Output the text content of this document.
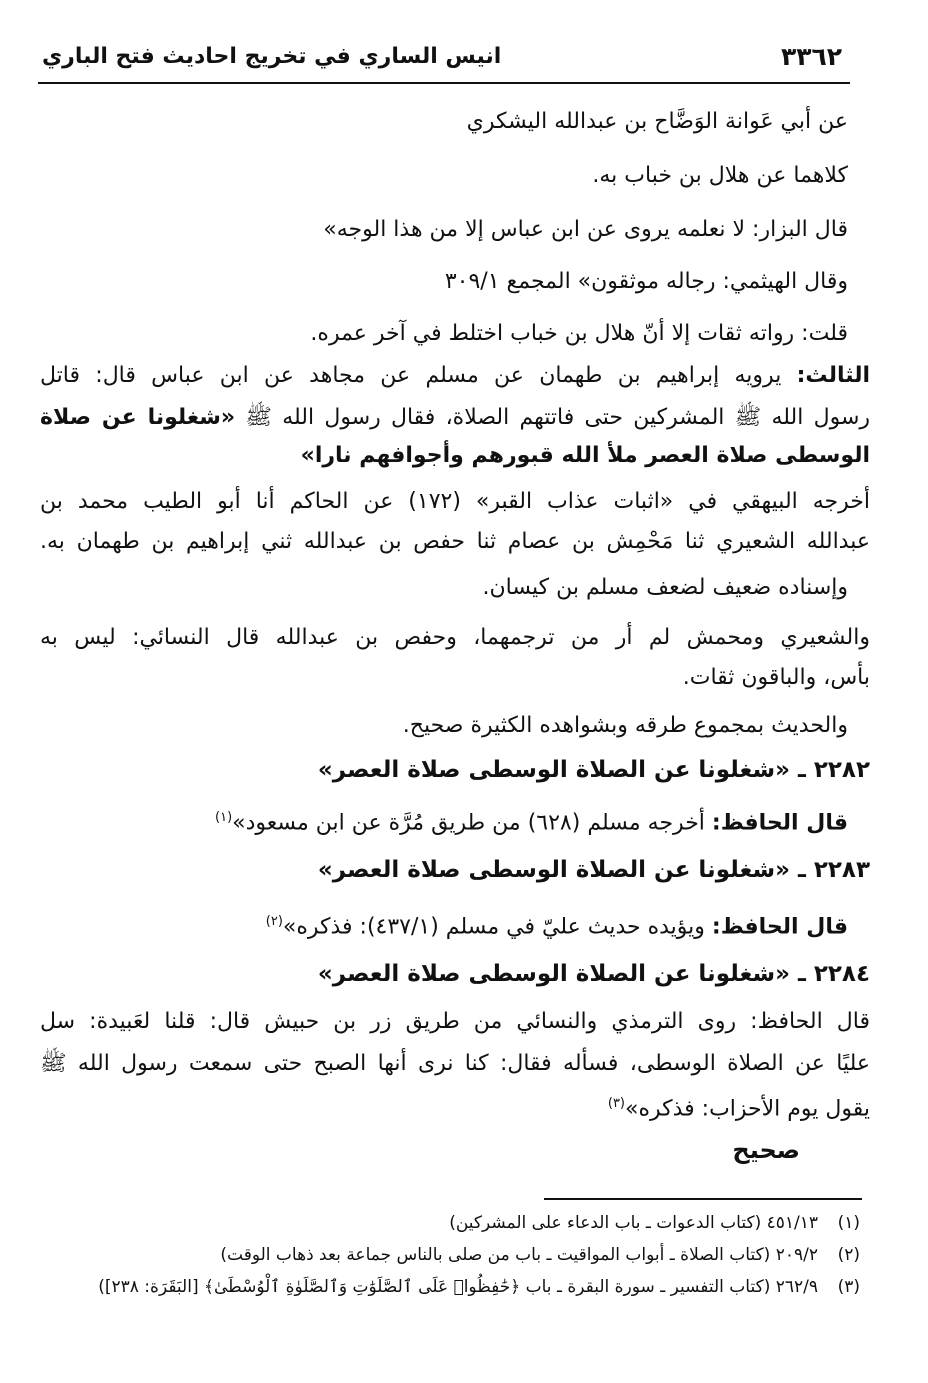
٣٣٦٢
انيس الساري في تخريج احاديث فتح الباري
عن أبي عَوانة الوَضَّاح بن عبدالله اليشكري
كلاهما عن هلال بن خباب به.
قال البزار: لا نعلمه يروى عن ابن عباس إلا من هذا الوجه»
وقال الهيثمي: رجاله موثقون» المجمع ٣٠٩/١
قلت: رواته ثقات إلا أنّ هلال بن خباب اختلط في آخر عمره.
الثالث: يرويه إبراهيم بن طهمان عن مسلم عن مجاهد عن ابن عباس قال: قاتل
رسول الله ﷺ المشركين حتى فاتتهم الصلاة، فقال رسول الله ﷺ «شغلونا عن صلاة
الوسطى صلاة العصر ملأ الله قبورهم وأجوافهم نارا»
أخرجه البيهقي في «اثبات عذاب القبر» (١٧٢) عن الحاكم أنا أبو الطيب محمد بن
عبدالله الشعيري ثنا مَحْمِش بن عصام ثنا حفص بن عبدالله ثني إبراهيم بن طهمان به.
وإسناده ضعيف لضعف مسلم بن كيسان.
والشعيري ومحمش لم أر من ترجمهما، وحفص بن عبدالله قال النسائي: ليس به
بأس، والباقون ثقات.
والحديث بمجموع طرقه وبشواهده الكثيرة صحيح.
٢٢٨٢ ـ «شغلونا عن الصلاة الوسطى صلاة العصر»
قال الحافظ: أخرجه مسلم (٦٢٨) من طريق مُرَّة عن ابن مسعود»$^{(١)}$
٢٢٨٣ ـ «شغلونا عن الصلاة الوسطى صلاة العصر»
قال الحافظ: ويؤيده حديث عليّ في مسلم (٤٣٧/١): فذكره»$^{(٢)}$
٢٢٨٤ ـ «شغلونا عن الصلاة الوسطى صلاة العصر»
قال الحافظ: روى الترمذي والنسائي من طريق زر بن حبيش قال: قلنا لعَبيدة: سل
عليًا عن الصلاة الوسطى، فسأله فقال: كنا نرى أنها الصبح حتى سمعت رسول الله ﷺ
يقول يوم الأحزاب: فذكره»$^{(٣)}$
صحيح
(١)٤٥١/١٣ (كتاب الدعوات ـ باب الدعاء على المشركين)
(٢)٢٠٩/٢ (كتاب الصلاة ـ أبواب المواقيت ـ باب من صلى بالناس جماعة بعد ذهاب الوقت)
(٣)٢٦٢/٩ (كتاب التفسير ـ سورة البقرة ـ باب ﴿حَٰفِظُوا۟ عَلَى ٱلصَّلَوَٰتِ وَٱلصَّلَوٰةِ ٱلْوُسْطَىٰ﴾ [البَقَرَة: ٢٣٨])
